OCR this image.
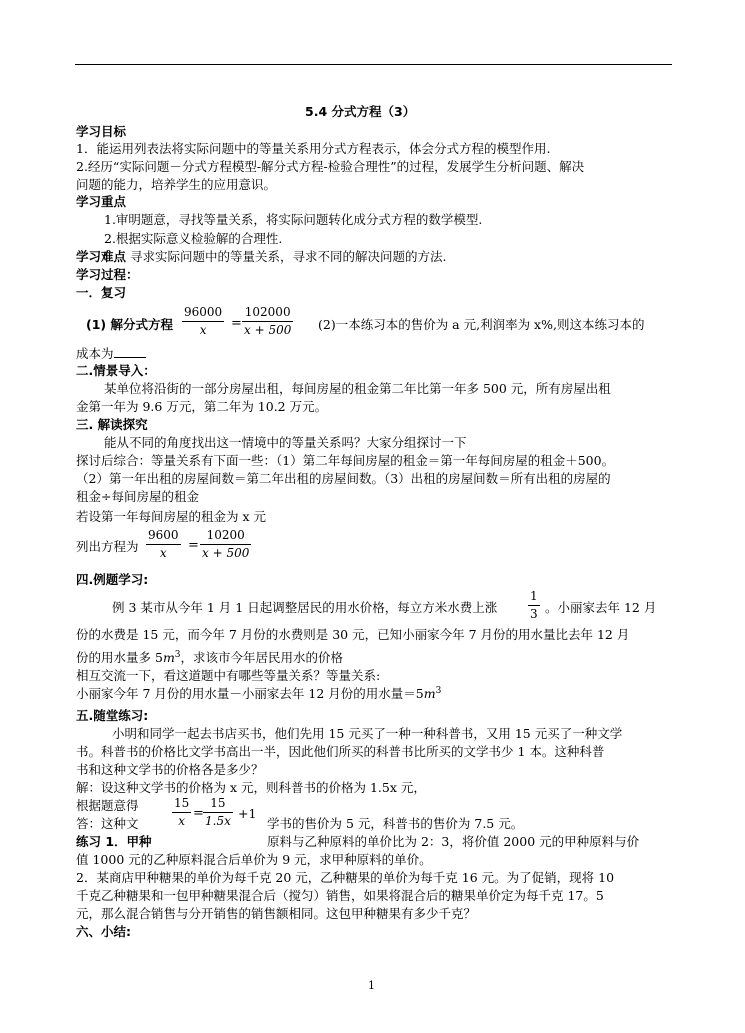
5.4 分式方程（3）
学习目标
1．能运用列表法将实际问题中的等量关系用分式方程表示，体会分式方程的模型作用.
2.经历“实际问题－分式方程模型-解分式方程-检验合理性”的过程，发展学生分析问题、解决
问题的能力，培养学生的应用意识。
学习重点
1.审明题意，寻找等量关系，将实际问题转化成分式方程的数学模型.
2.根据实际意义检验解的合理性.
学习难点 寻求实际问题中的等量关系，寻求不同的解决问题的方法.
学习过程：
一．复习
(1) 解分式方程
96000
x =
102000
x + 500 (2)一本练习本的售价为 a 元,利润率为 x%,则这本练习本的
成本为
二.情景导入：
某单位将沿街的一部分房屋出租，每间房屋的租金第二年比第一年多 500 元，所有房屋出租
金第一年为 9.6 万元，第二年为 10.2 万元。
三. 解读探究
能从不同的角度找出这一情境中的等量关系吗？大家分组探讨一下
探讨后综合：等量关系有下面一些：（1）第二年每间房屋的租金＝第一年每间房屋的租金＋500。
（2）第一年出租的房屋间数＝第二年出租的房屋间数。（3）出租的房屋间数＝所有出租的房屋的
租金÷每间房屋的租金
若设第一年每间房屋的租金为 x 元
列出方程为
9600
x =
10200
x + 500
四.例题学习:
例 3 某市从今年 1 月 1 日起调整居民的用水价格，每立方米水费上涨
1
3 。小丽家去年 12 月
份的水费是 15 元，而今年 7 月份的水费则是 30 元，已知小丽家今年 7 月份的用水量比去年 12 月
份的用水量多 $5m^3$，求该市今年居民用水的价格
相互交流一下，看这道题中有哪些等量关系？等量关系:
小丽家今年 7 月份的用水量－小丽家去年 12 月份的用水量$=5m^3$
五.随堂练习:
小明和同学一起去书店买书，他们先用 15 元买了一种一种科普书，又用 15 元买了一种文学
书。科普书的价格比文学书高出一半，因此他们所买的科普书比所买的文学书少 1 本。这种科普
书和这种文学书的价格各是多少？
解：设这种文学书的价格为 x 元，则科普书的价格为 1.5x 元，
根据题意得	15
x =
15
1.5x +1
答：这种文	学书的售价为 5 元，科普书的售价为 7.5 元。
练习 1．甲种	原料与乙种原料的单价比为 2：3，将价值 2000 元的甲种原料与价
值 1000 元的乙种原料混合后单价为 9 元，求甲种原料的单价。
2．某商店甲种糖果的单价为每千克 20 元，乙种糖果的单价为每千克 16 元。为了促销，现将 10
千克乙种糖果和一包甲种糖果混合后（搅匀）销售，如果将混合后的糖果单价定为每千克 17。5
元，那么混合销售与分开销售的销售额相同。这包甲种糖果有多少千克？
六、小结:
1
